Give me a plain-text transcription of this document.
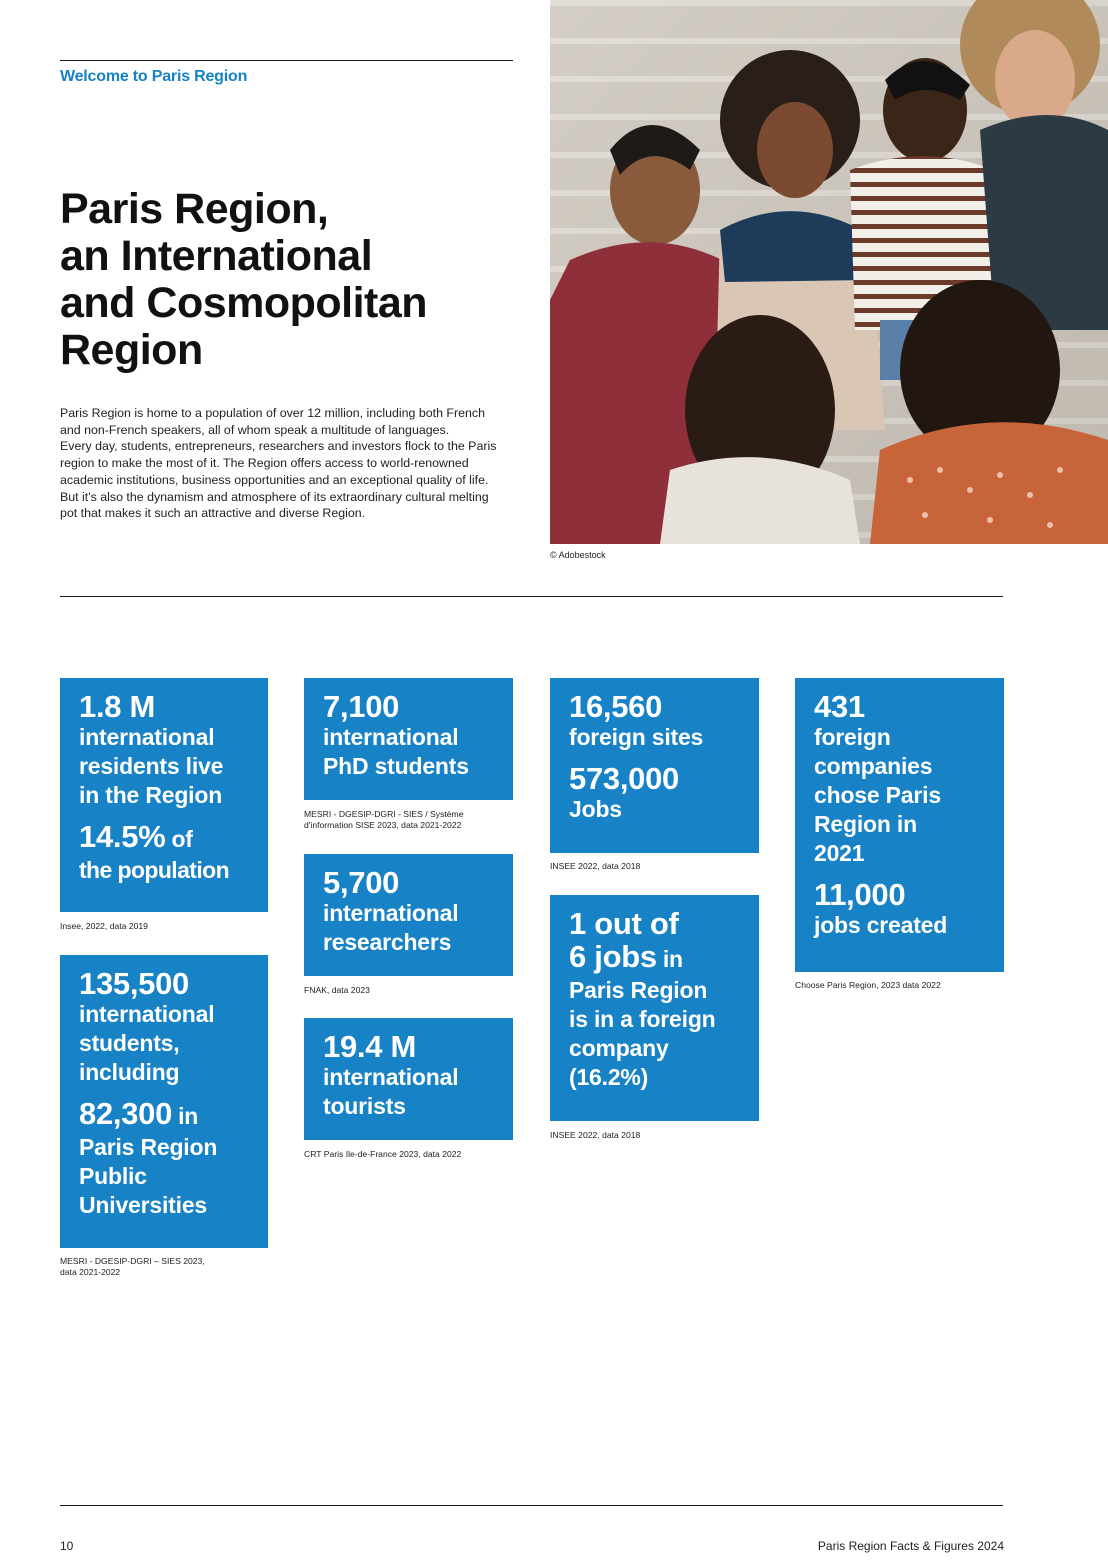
Welcome to Paris Region
Paris Region,
an International
and Cosmopolitan
Region

Paris Region is home to a population of over 12 million, including both French and non-French speakers, all of whom speak a multitude of languages.

Every day, students, entrepreneurs, researchers and investors flock to the Paris region to make the most of it. The Region offers access to world-renowned academic institutions, business opportunities and an exceptional quality of life. But it's also the dynamism and atmosphere of its extraordinary cultural melting pot that makes it such an attractive and diverse Region.

© Adobestock
1.8 M
international
residents live
in the Region
14.5% of
the population
Insee, 2022, data 2019
135,500
international
students,
including
82,300 in
Paris Region
Public
Universities
MESRI - DGESIP-DGRI – SIES 2023,
data 2021-2022
7,100
international
PhD students
MESRI - DGESIP-DGRI - SIES / Système
d'information SISE 2023, data 2021-2022
5,700
international
researchers
FNAK, data 2023
19.4 M
international
tourists
CRT Paris Ile-de-France 2023, data 2022
16,560
foreign sites
573,000
Jobs
INSEE 2022, data 2018
1 out of
6 jobs in
Paris Region
is in a foreign
company
(16.2%)
INSEE 2022, data 2018
431
foreign
companies
chose Paris
Region in
2021
11,000
jobs created
Choose Paris Region, 2023 data 2022
10	Paris Region Facts & Figures 2024
